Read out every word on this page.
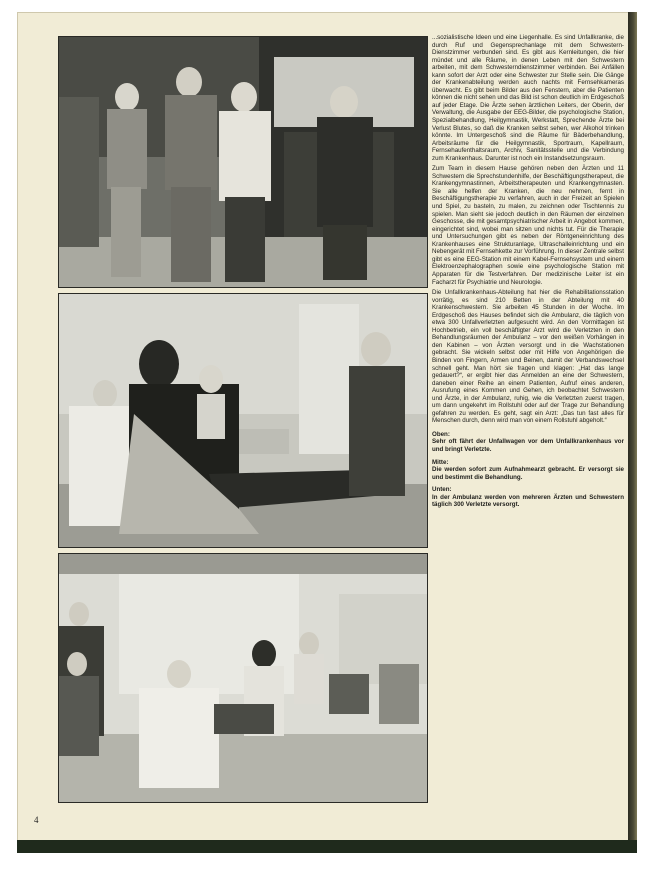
...sozialistische Ideen und eine Liegenhalle. Es sind Unfallkranke, die durch Ruf und Gegensprechanlage mit dem Schwestern-Dienstzimmer verbunden sind. Es gibt aus Kernleitungen, die hier mündet und alle Räume, in denen Leben mit den Schwestern arbeiten, mit dem Schwesterndienstzimmer verbinden. Bei Anfällen kann sofort der Arzt oder eine Schwester zur Stelle sein. Die Gänge der Krankenabteilung werden auch nachts mit Fernsehkameras überwacht. Es gibt beim Bilder aus den Fenstern, aber die Patienten können die nicht sehen und das Bild ist schon deutlich im Erdgeschoß auf jeder Etage. Die Ärzte sehen ärztlichen Leiters, der Oberin, der Verwaltung, die Ausgabe der EEG-Bilder, die psychologische Station, Spezialbehandlung, Heilgymnastik, Werkstatt, Sprechende Ärzte bei Verlust Blutes, so daß die Kranken selbst sehen, wer Alkohol trinken könnte. Im Untergeschoß sind die Räume für Bäderbehandlung, Arbeitsräume für die Heilgymnastik, Sportraum, Kapellraum, Fernsehaufenthaltsraum, Archiv, Sanitätsstelle und die Verbindung zum Krankenhaus. Darunter ist noch ein Instandsetzungsraum.

Zum Team in diesem Hause gehören neben den Ärzten und 11 Schwestern die Sprechstundenhilfe, der Beschäftigungstherapeut, die Krankengymnastinnen, Arbeitstherapeuten und Krankengymnasten. Sie alle helfen der Kranken, die neu nehmen, fernt in Beschäftigungstherapie zu verfahren, auch in der Freizeit an Spielen und Spiel, zu basteln, zu malen, zu zeichnen oder Tischtennis zu spielen. Man sieht sie jedoch deutlich in den Räumen der einzelnen Geschosse, die mit gesamtpsychiatrischer Arbeit in Angebot kommen, eingerichtet sind, wobei man sitzen und nichts tut. Für die Therapie und Untersuchungen gibt es neben der Röntgeneinrichtung des Krankenhauses eine Strukturanlage, Ultraschalleinrichtung und ein Nebengerät mit Fernsehkette zur Vorführung. In dieser Zentrale selbst gibt es eine EEG-Station mit einem Kabel-Fernsehsystem und einem Elektroenzephalographen sowie eine psychologische Station mit Apparaten für die Testverfahren. Der medizinische Leiter ist ein Facharzt für Psychiatrie und Neurologie.

Die Unfallkrankenhaus-Abteilung hat hier die Rehabilitationsstation vorrätig, es sind 210 Betten in der Abteilung mit 40 Krankenschwestern. Sie arbeiten 45 Stunden in der Woche. Im Erdgeschoß des Hauses befindet sich die Ambulanz, die täglich von etwa 300 Unfallverletzten aufgesucht wird. An den Vormittagen ist Hochbetrieb, ein voll beschäftigter Arzt wird die Verletzten in den Behandlungsräumen der Ambulanz – vor den weißen Vorhängen in den Kabinen – von Ärzten versorgt und in die Wachstationen gebracht. Sie wickeln selbst oder mit Hilfe von Angehörigen die Binden von Fingern, Armen und Beinen, damit der Verbandswechsel schnell geht. Man hört sie fragen und klagen: „Hat das lange gedauert?“, er ergibt hier das Anmelden an eine der Schwestern, daneben einer Reihe an einem Patienten, Aufruf eines anderen, Ausrufung eines Kommen und Gehen, ich beobachtet Schwestern und Ärzte, in der Ambulanz, ruhig, wie die Verletzten zuerst tragen, um dann ungekehrt im Rollstuhl oder auf der Trage zur Behandlung gefahren zu werden. Es geht, sagt ein Arzt: „Das tun fast alles für Menschen durch, denn wird man von einem Rollstuhl abgeholt.“

Oben:
Sehr oft fährt der Unfallwagen vor dem Unfallkrankenhaus vor und bringt Verletzte.
Mitte:
Die werden sofort zum Aufnahmearzt gebracht. Er versorgt sie und bestimmt die Behandlung.
Unten:
In der Ambulanz werden von mehreren Ärzten und Schwestern täglich 300 Verletzte versorgt.
4
